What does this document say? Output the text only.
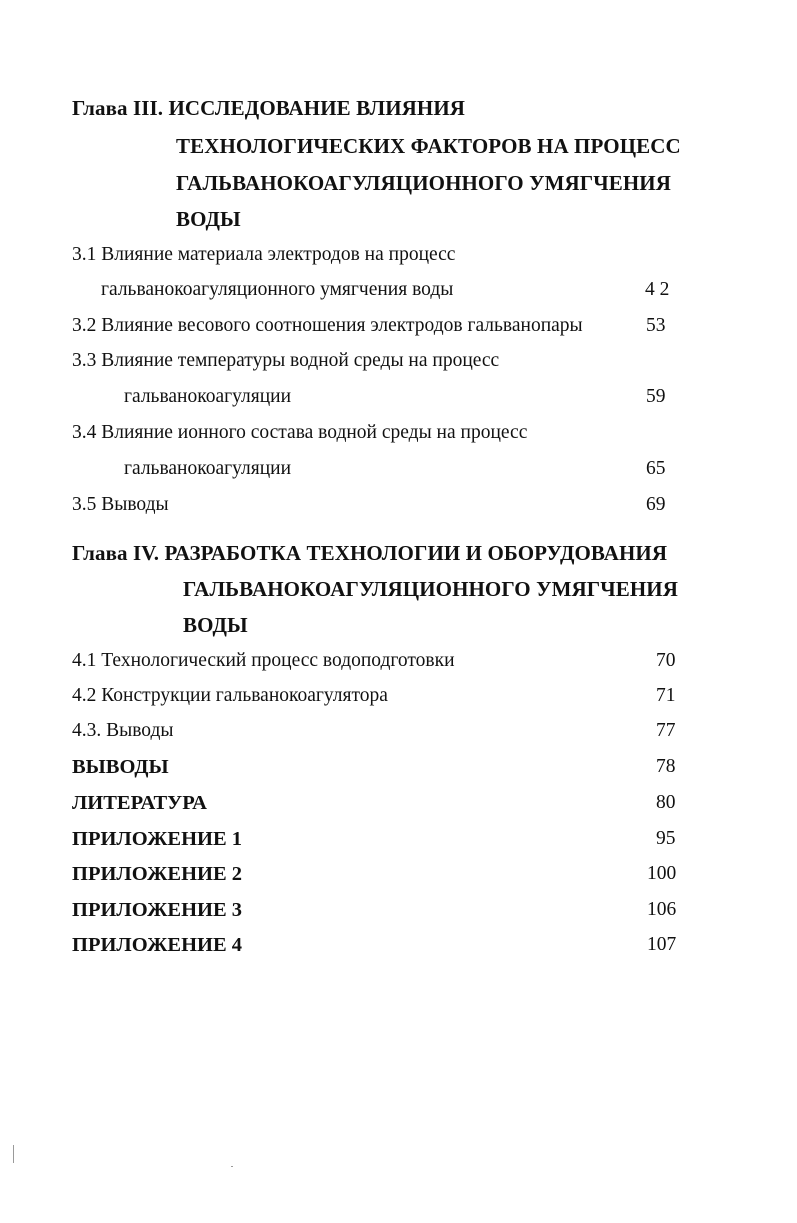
Глава III. ИССЛЕДОВАНИЕ ВЛИЯНИЯ
ТЕХНОЛОГИЧЕСКИХ ФАКТОРОВ НА ПРОЦЕСС
ГАЛЬВАНОКОАГУЛЯЦИОННОГО УМЯГЧЕНИЯ
ВОДЫ
3.1 Влияние материала электродов на процесс
гальванокоагуляционного умягчения воды	4 2
3.2 Влияние весового соотношения электродов гальванопары	53
3.3 Влияние температуры водной среды на процесс
гальванокоагуляции	59
3.4 Влияние ионного состава водной среды на процесс
гальванокоагуляции	65
3.5 Выводы	69
Глава IV. РАЗРАБОТКА ТЕХНОЛОГИИ И ОБОРУДОВАНИЯ
ГАЛЬВАНОКОАГУЛЯЦИОННОГО УМЯГЧЕНИЯ
ВОДЫ
4.1 Технологический процесс водоподготовки	70
4.2 Конструкции гальванокоагулятора	71
4.3. Выводы	77
ВЫВОДЫ	78
ЛИТЕРАТУРА	80
ПРИЛОЖЕНИЕ 1	95
ПРИЛОЖЕНИЕ 2	100
ПРИЛОЖЕНИЕ 3	106
ПРИЛОЖЕНИЕ 4	107
